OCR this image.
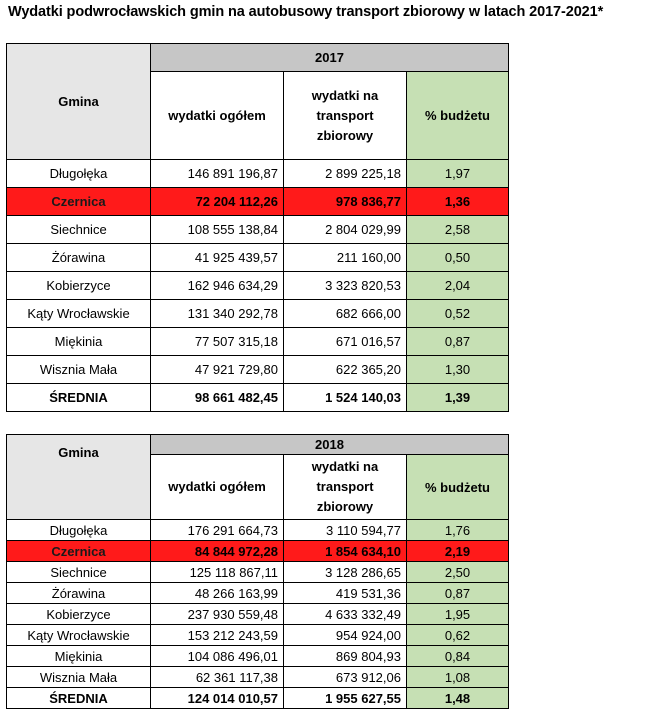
Wydatki podwrocławskich gmin na autobusowy transport zbiorowy w latach 2017-2021*
Gmina	2017		
	wydatki ogółem	wydatki na transport zbiorowy	% budżetu
Długołęka	146 891 196,87	2 899 225,18	1,97
Czernica	72 204 112,26	978 836,77	1,36
Siechnice	108 555 138,84	2 804 029,99	2,58
Żórawina	41 925 439,57	211 160,00	0,50
Kobierzyce	162 946 634,29	3 323 820,53	2,04
Kąty Wrocławskie	131 340 292,78	682 666,00	0,52
Miękinia	77 507 315,18	671 016,57	0,87
Wisznia Mała	47 921 729,80	622 365,20	1,30
ŚREDNIA	98 661 482,45	1 524 140,03	1,39
Gmina	2018		
	wydatki ogółem	wydatki na transport zbiorowy	% budżetu
Długołęka	176 291 664,73	3 110 594,77	1,76
Czernica	84 844 972,28	1 854 634,10	2,19
Siechnice	125 118 867,11	3 128 286,65	2,50
Żórawina	48 266 163,99	419 531,36	0,87
Kobierzyce	237 930 559,48	4 633 332,49	1,95
Kąty Wrocławskie	153 212 243,59	954 924,00	0,62
Miękinia	104 086 496,01	869 804,93	0,84
Wisznia Mała	62 361 117,38	673 912,06	1,08
ŚREDNIA	124 014 010,57	1 955 627,55	1,48
